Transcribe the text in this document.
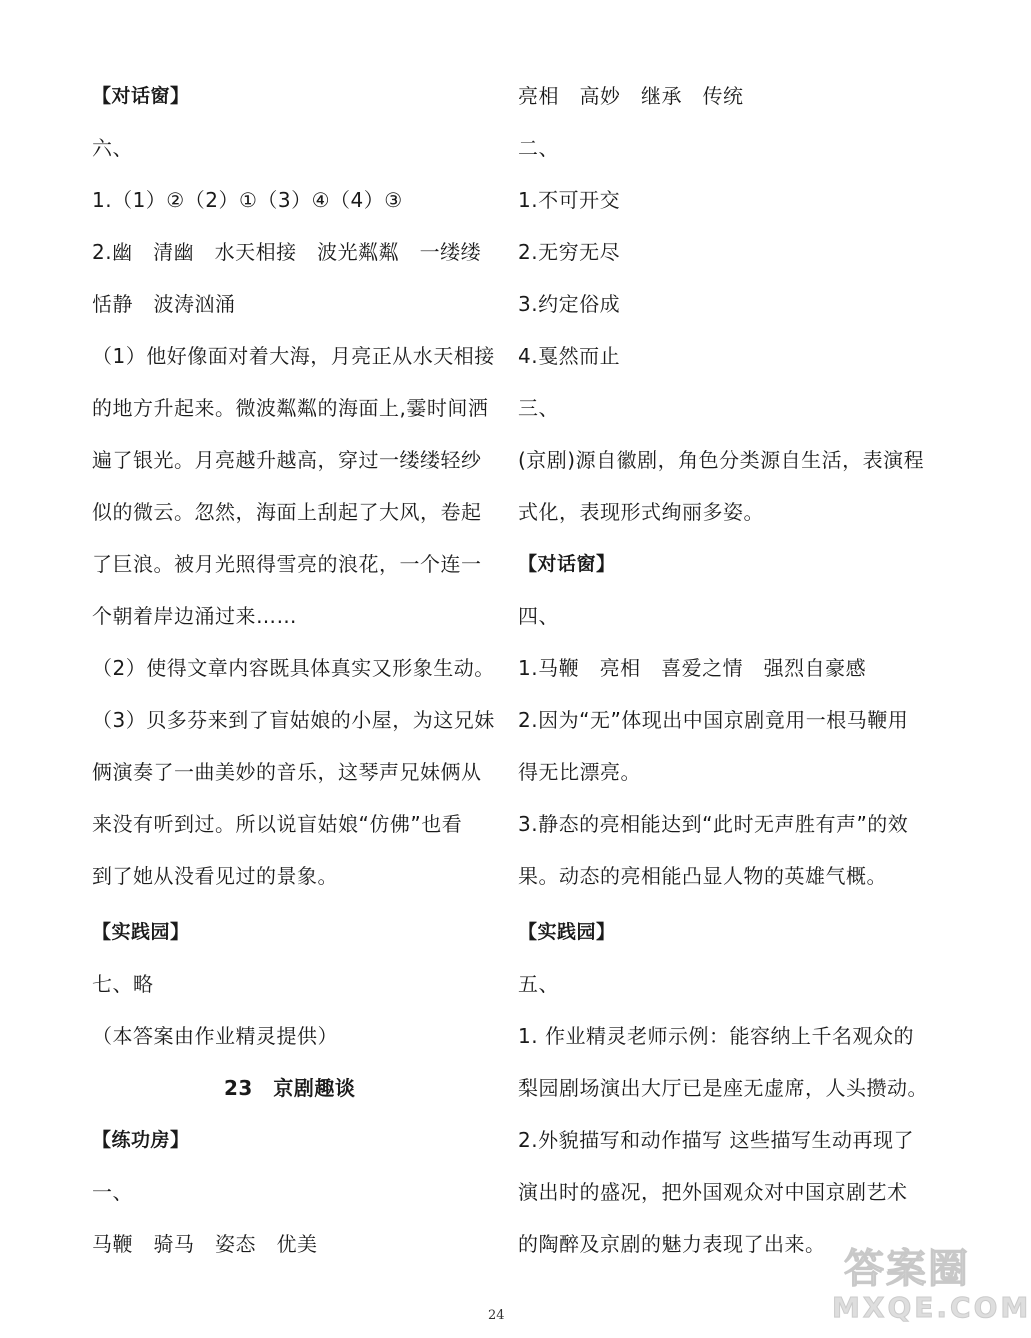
【对话窗】
六、
1.（1）②（2）①（3）④（4）③
2.幽　清幽　水天相接　波光粼粼　一缕缕
恬静　波涛汹涌
（1）他好像面对着大海，月亮正从水天相接
的地方升起来。微波粼粼的海面上,霎时间洒
遍了银光。月亮越升越高，穿过一缕缕轻纱
似的微云。忽然，海面上刮起了大风，卷起
了巨浪。被月光照得雪亮的浪花，一个连一
个朝着岸边涌过来……
（2）使得文章内容既具体真实又形象生动。
（3）贝多芬来到了盲姑娘的小屋，为这兄妹
俩演奏了一曲美妙的音乐，这琴声兄妹俩从
来没有听到过。所以说盲姑娘“仿佛”也看
到了她从没看见过的景象。
【实践园】
七、略
（本答案由作业精灵提供）
23　京剧趣谈
【练功房】
一、
马鞭　骑马　姿态　优美
亮相　高妙　继承　传统
二、
1.不可开交
2.无穷无尽
3.约定俗成
4.戛然而止
三、
(京剧)源自徽剧，角色分类源自生活，表演程
式化，表现形式绚丽多姿。
【对话窗】
四、
1.马鞭　亮相　喜爱之情　强烈自豪感
2.因为“无”体现出中国京剧竟用一根马鞭用
得无比漂亮。
3.静态的亮相能达到“此时无声胜有声”的效
果。动态的亮相能凸显人物的英雄气概。
【实践园】
五、
1. 作业精灵老师示例：能容纳上千名观众的
梨园剧场演出大厅已是座无虚席，人头攒动。
2.外貌描写和动作描写 这些描写生动再现了
演出时的盛况，把外国观众对中国京剧艺术
的陶醉及京剧的魅力表现了出来。
24
答案圈
MXQE.COM
